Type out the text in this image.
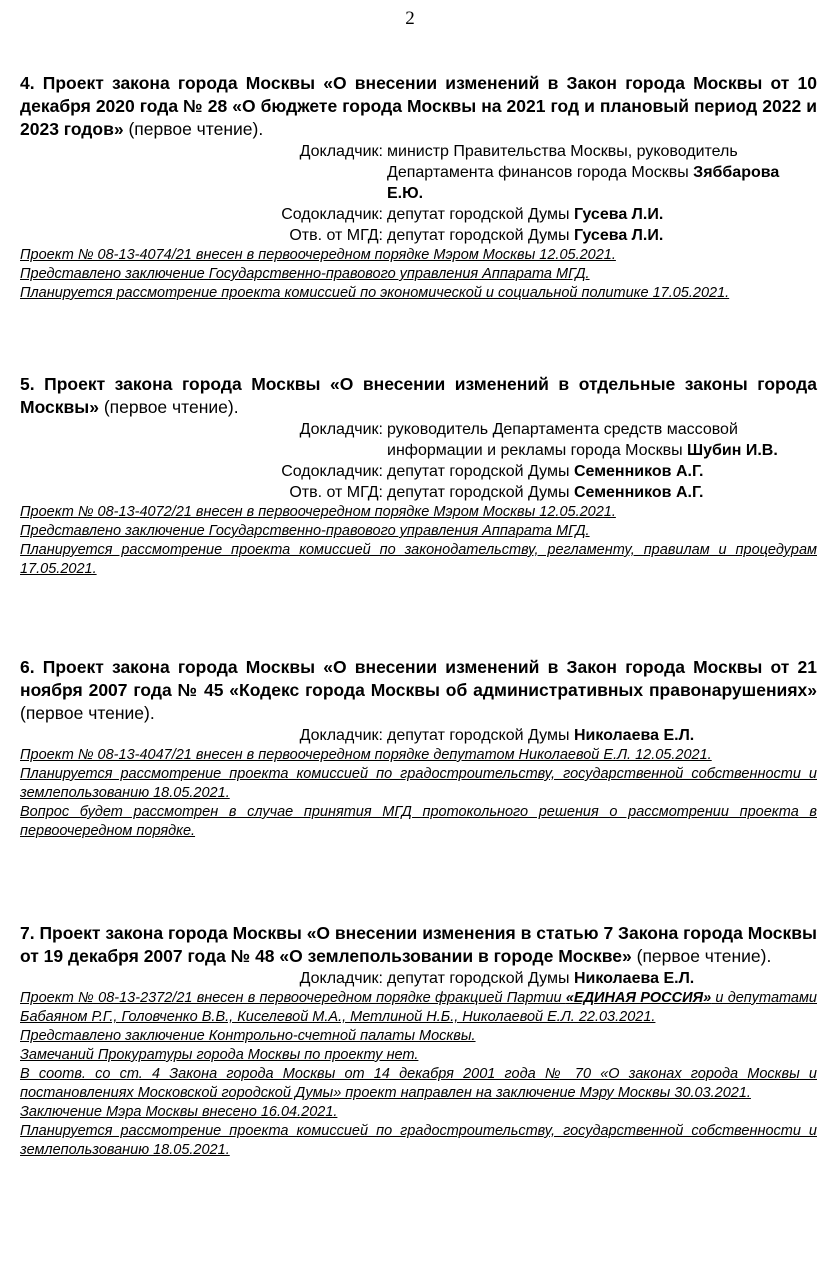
2

4. Проект закона города Москвы «О внесении изменений в Закон города Москвы от 10 декабря 2020 года № 28 «О бюджете города Москвы на 2021 год и плановый период 2022 и 2023 годов» (первое чтение).

Докладчик: министр Правительства Москвы, руководитель Департамента финансов города Москвы Зяббарова Е.Ю.
Содокладчик: депутат городской Думы Гусева Л.И.
Отв. от МГД: депутат городской Думы Гусева Л.И.

Проект № 08-13-4074/21 внесен в первоочередном порядке Мэром Москвы 12.05.2021.

Представлено заключение Государственно-правового управления Аппарата МГД.

Планируется рассмотрение проекта комиссией по экономической и социальной политике 17.05.2021.

5. Проект закона города Москвы «О внесении изменений в отдельные законы города Москвы» (первое чтение).

Докладчик: руководитель Департамента средств массовой информации и рекламы города Москвы Шубин И.В.
Содокладчик: депутат городской Думы Семенников А.Г.
Отв. от МГД: депутат городской Думы Семенников А.Г.

Проект № 08-13-4072/21 внесен в первоочередном порядке Мэром Москвы 12.05.2021.

Представлено заключение Государственно-правового управления Аппарата МГД.

Планируется рассмотрение проекта комиссией по законодательству, регламенту, правилам и процедурам 17.05.2021.

6. Проект закона города Москвы «О внесении изменений в Закон города Москвы от 21 ноября 2007 года № 45 «Кодекс города Москвы об административных правонарушениях» (первое чтение).

Докладчик: депутат городской Думы Николаева Е.Л.

Проект № 08-13-4047/21 внесен в первоочередном порядке депутатом Николаевой Е.Л. 12.05.2021.

Планируется рассмотрение проекта комиссией по градостроительству, государственной собственности и землепользованию 18.05.2021.

Вопрос будет рассмотрен в случае принятия МГД протокольного решения о рассмотрении проекта в первоочередном порядке.

7. Проект закона города Москвы «О внесении изменения в статью 7 Закона города Москвы от 19 декабря 2007 года № 48 «О землепользовании в городе Москве» (первое чтение).

Докладчик: депутат городской Думы Николаева Е.Л.

Проект № 08-13-2372/21 внесен в первоочередном порядке фракцией Партии «ЕДИНАЯ РОССИЯ» и депутатами Бабаяном Р.Г., Головченко В.В., Киселевой М.А., Метлиной Н.Б., Николаевой Е.Л. 22.03.2021.

Представлено заключение Контрольно-счетной палаты Москвы.

Замечаний Прокуратуры города Москвы по проекту нет.

В соотв. со ст. 4 Закона города Москвы от 14 декабря 2001 года № 70 «О законах города Москвы и постановлениях Московской городской Думы» проект направлен на заключение Мэру Москвы 30.03.2021.

Заключение Мэра Москвы внесено 16.04.2021.

Планируется рассмотрение проекта комиссией по градостроительству, государственной собственности и землепользованию 18.05.2021.
